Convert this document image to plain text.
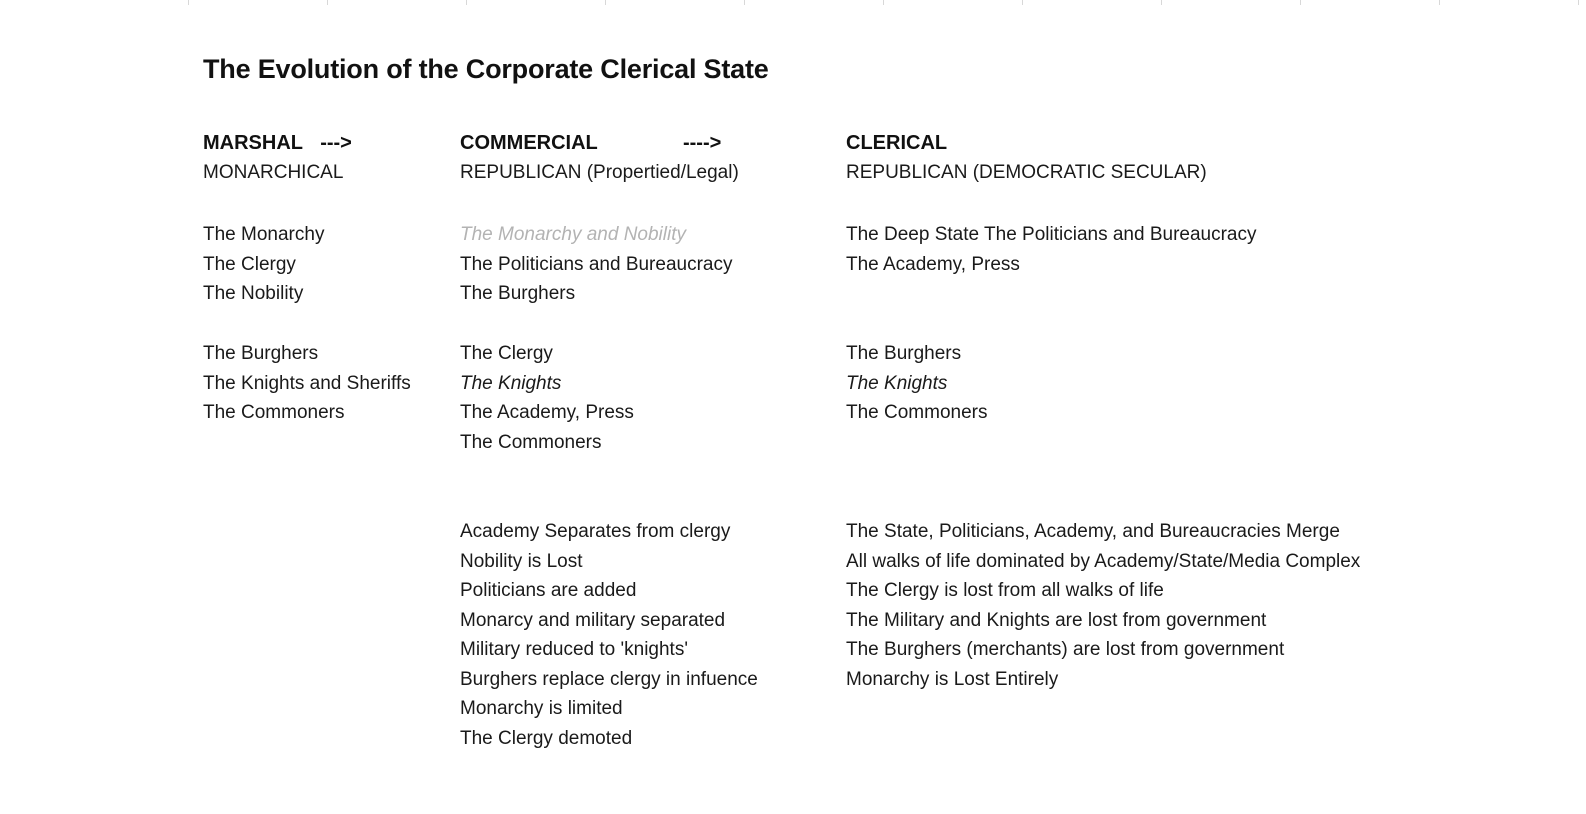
The Evolution of the Corporate Clerical State
MARSHAL --->
MONARCHICAL
The Monarchy
The Clergy
The Nobility
The Burghers
The Knights and Sheriffs
The Commoners
COMMERCIAL	---->
REPUBLICAN (Propertied/Legal)
The Monarchy and Nobility
The Politicians and Bureaucracy
The Burghers
The Clergy
The Knights
The Academy, Press
The Commoners
Academy Separates from clergy
Nobility is Lost
Politicians are added
Monarcy and military separated
Military reduced to 'knights'
Burghers replace clergy in infuence
Monarchy is limited
The Clergy demoted
CLERICAL
REPUBLICAN (DEMOCRATIC SECULAR)
The Deep State The Politicians and Bureaucracy
The Academy, Press
The Burghers
The Knights
The Commoners
The State, Politicians, Academy, and Bureaucracies Merge
All walks of life dominated by Academy/State/Media Complex
The Clergy is lost from all walks of life
The Military and Knights are lost from government
The Burghers (merchants) are lost from government
Monarchy is Lost Entirely
